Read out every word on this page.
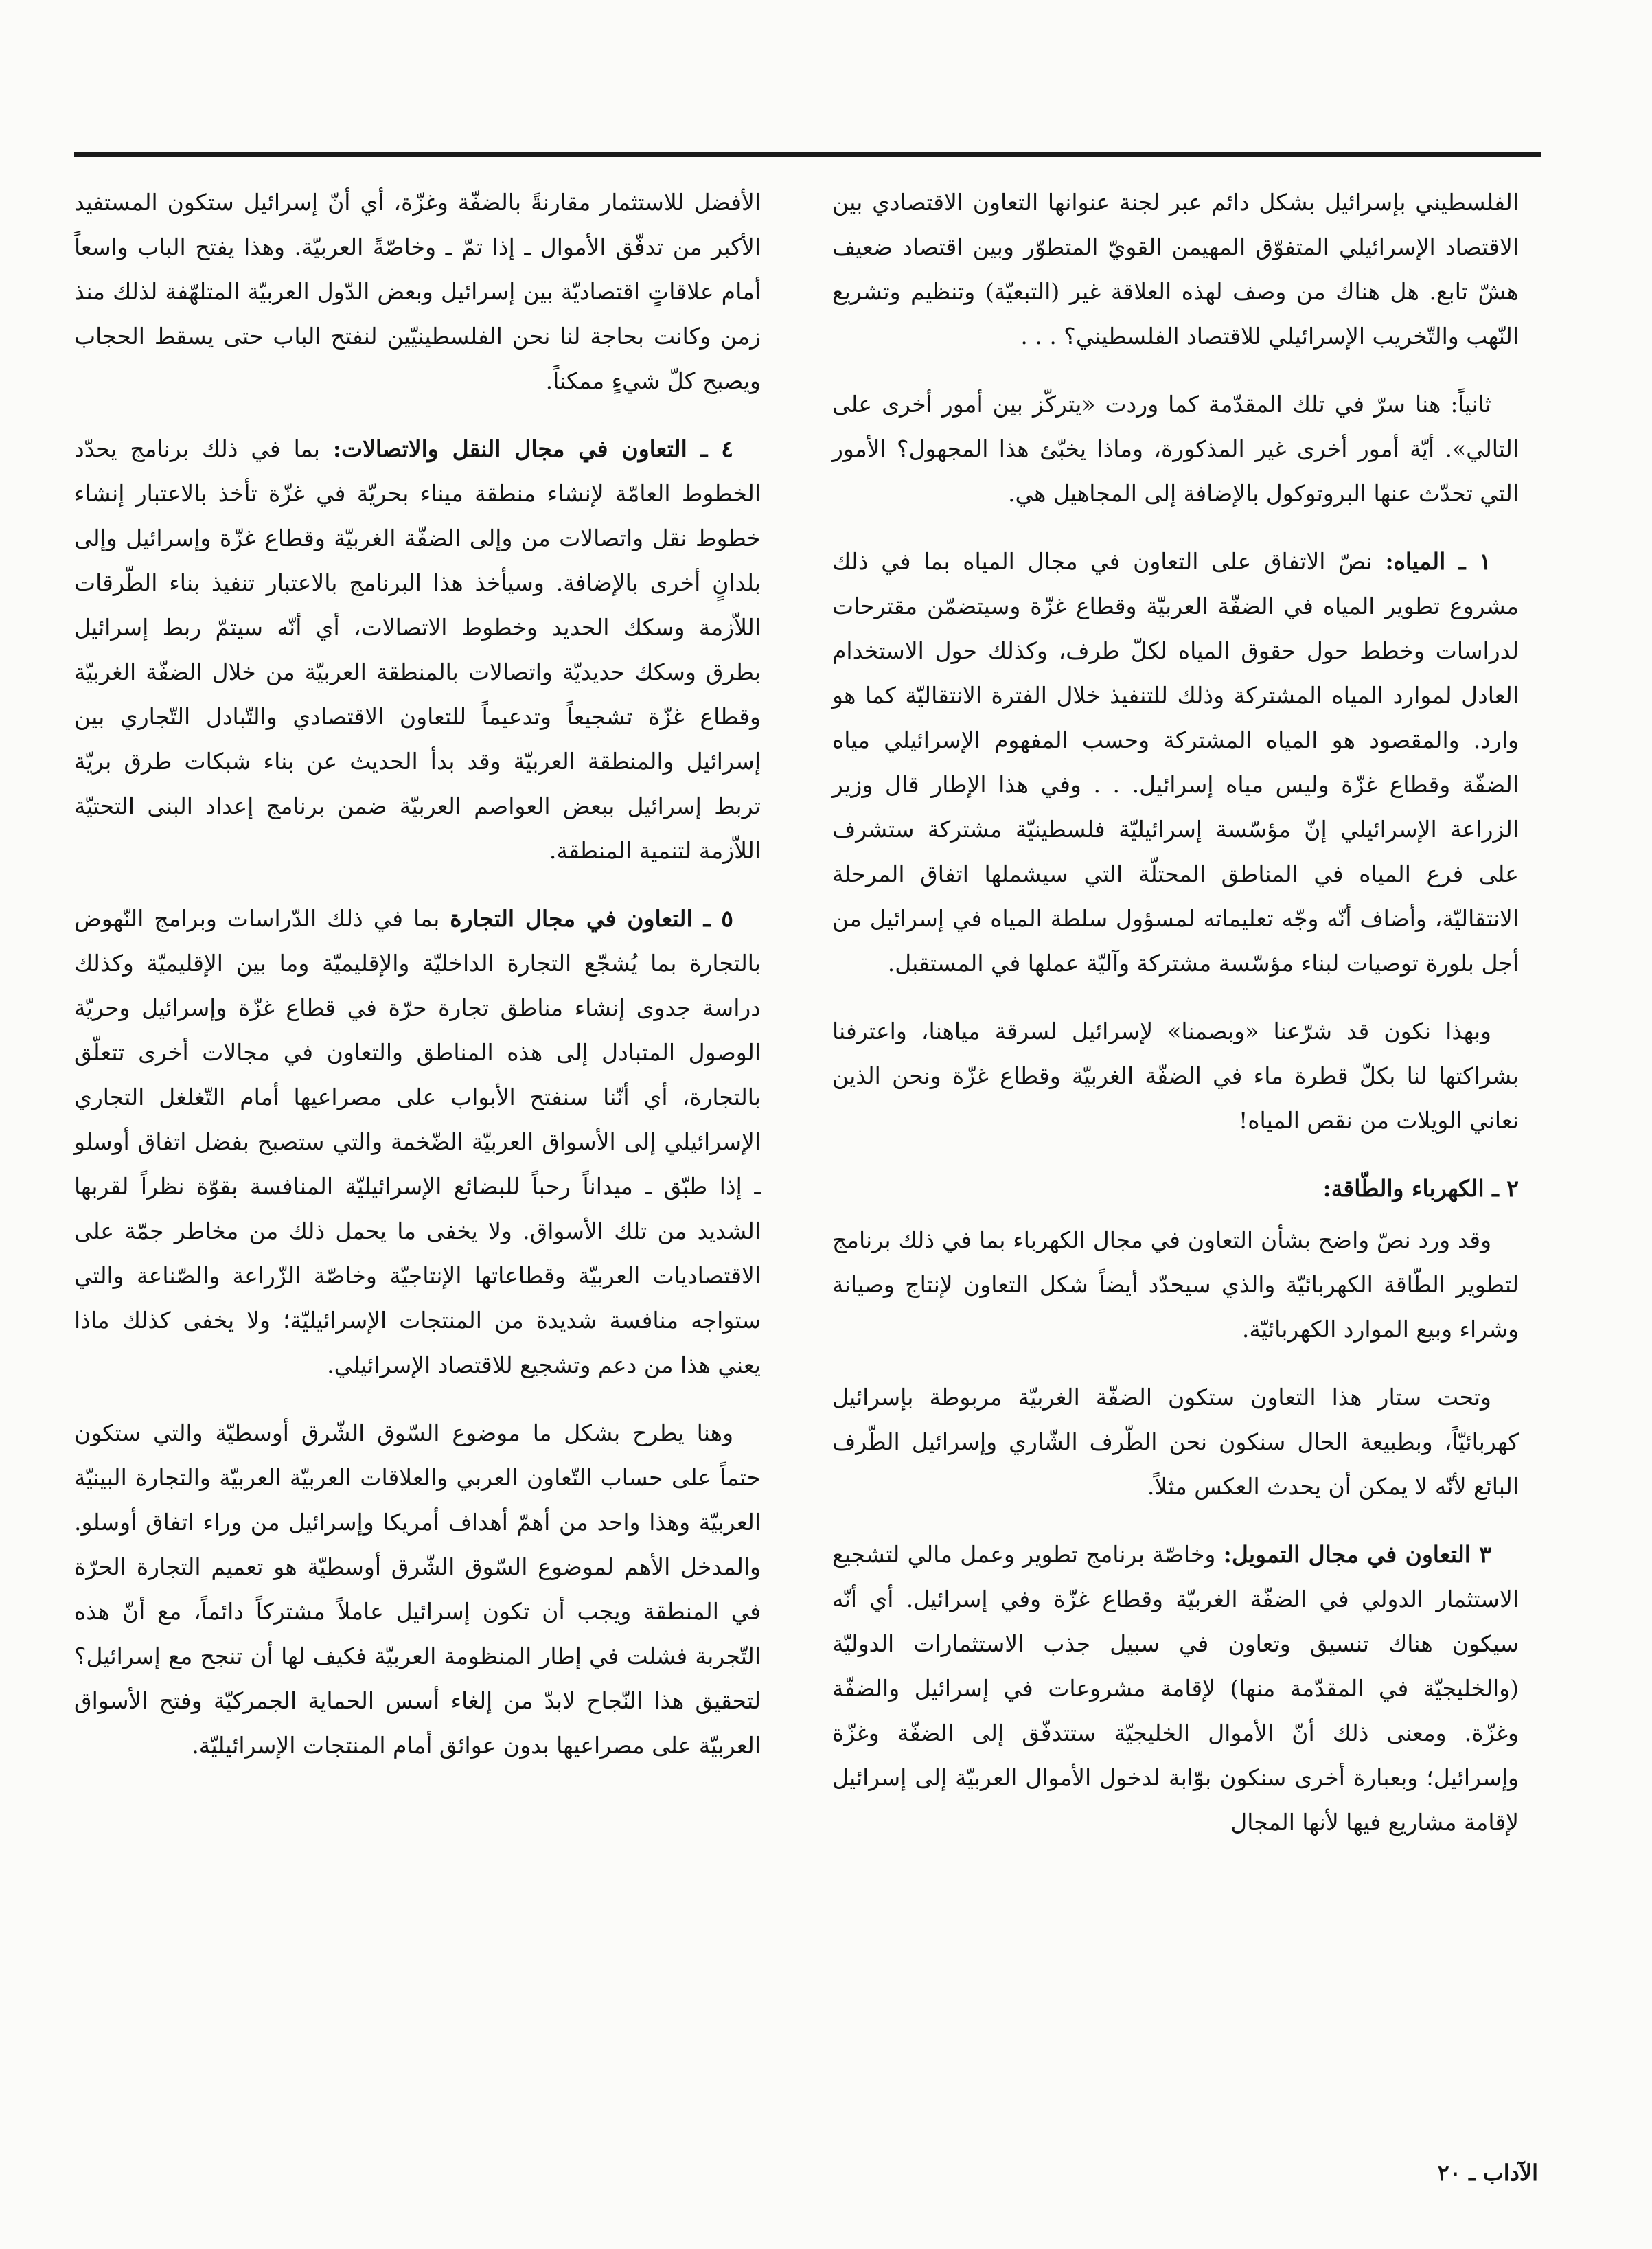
الفلسطيني بإسرائيل بشكل دائم عبر لجنة عنوانها التعاون الاقتصادي بين الاقتصاد الإسرائيلي المتفوّق المهيمن القويّ المتطوّر وبين اقتصاد ضعيف هشّ تابع. هل هناك من وصف لهذه العلاقة غير (التبعيّة) وتنظيم وتشريع النّهب والتّخريب الإسرائيلي للاقتصاد الفلسطيني؟ . . .

ثانياً: هنا سرّ في تلك المقدّمة كما وردت «يتركّز بين أمور أخرى على التالي». أيّة أمور أخرى غير المذكورة، وماذا يخبّئ هذا المجهول؟ الأمور التي تحدّث عنها البروتوكول بالإضافة إلى المجاهيل هي.

١ ـ المياه: نصّ الاتفاق على التعاون في مجال المياه بما في ذلك مشروع تطوير المياه في الضفّة العربيّة وقطاع غزّة وسيتضمّن مقترحات لدراسات وخطط حول حقوق المياه لكلّ طرف، وكذلك حول الاستخدام العادل لموارد المياه المشتركة وذلك للتنفيذ خلال الفترة الانتقاليّة كما هو وارد. والمقصود هو المياه المشتركة وحسب المفهوم الإسرائيلي مياه الضفّة وقطاع غزّة وليس مياه إسرائيل. . . وفي هذا الإطار قال وزير الزراعة الإسرائيلي إنّ مؤسّسة إسرائيليّة فلسطينيّة مشتركة ستشرف على فرع المياه في المناطق المحتلّة التي سيشملها اتفاق المرحلة الانتقاليّة، وأضاف أنّه وجّه تعليماته لمسؤول سلطة المياه في إسرائيل من أجل بلورة توصيات لبناء مؤسّسة مشتركة وآليّة عملها في المستقبل.

وبهذا نكون قد شرّعنا «وبصمنا» لإسرائيل لسرقة مياهنا، واعترفنا بشراكتها لنا بكلّ قطرة ماء في الضفّة الغربيّة وقطاع غزّة ونحن الذين نعاني الويلات من نقص المياه!

٢ ـ الكهرباء والطّاقة:

وقد ورد نصّ واضح بشأن التعاون في مجال الكهرباء بما في ذلك برنامج لتطوير الطّاقة الكهربائيّة والذي سيحدّد أيضاً شكل التعاون لإنتاج وصيانة وشراء وبيع الموارد الكهربائيّة.

وتحت ستار هذا التعاون ستكون الضفّة الغربيّة مربوطة بإسرائيل كهربائيّاً، وبطبيعة الحال سنكون نحن الطّرف الشّاري وإسرائيل الطّرف البائع لأنّه لا يمكن أن يحدث العكس مثلاً.

٣ التعاون في مجال التمويل: وخاصّة برنامج تطوير وعمل مالي لتشجيع الاستثمار الدولي في الضفّة الغربيّة وقطاع غزّة وفي إسرائيل. أي أنّه سيكون هناك تنسيق وتعاون في سبيل جذب الاستثمارات الدوليّة (والخليجيّة في المقدّمة منها) لإقامة مشروعات في إسرائيل والضفّة وغزّة. ومعنى ذلك أنّ الأموال الخليجيّة ستتدفّق إلى الضفّة وغزّة وإسرائيل؛ وبعبارة أخرى سنكون بوّابة لدخول الأموال العربيّة إلى إسرائيل لإقامة مشاريع فيها لأنها المجال

الأفضل للاستثمار مقارنةً بالضفّة وغزّة، أي أنّ إسرائيل ستكون المستفيد الأكبر من تدفّق الأموال ـ إذا تمّ ـ وخاصّةً العربيّة. وهذا يفتح الباب واسعاً أمام علاقاتٍ اقتصاديّة بين إسرائيل وبعض الدّول العربيّة المتلهّفة لذلك منذ زمن وكانت بحاجة لنا نحن الفلسطينيّين لنفتح الباب حتى يسقط الحجاب ويصبح كلّ شيءٍ ممكناً.

٤ ـ التعاون في مجال النقل والاتصالات: بما في ذلك برنامج يحدّد الخطوط العامّة لإنشاء منطقة ميناء بحريّة في غزّة تأخذ بالاعتبار إنشاء خطوط نقل واتصالات من وإلى الضفّة الغربيّة وقطاع غزّة وإسرائيل وإلى بلدانٍ أخرى بالإضافة. وسيأخذ هذا البرنامج بالاعتبار تنفيذ بناء الطّرقات اللاّزمة وسكك الحديد وخطوط الاتصالات، أي أنّه سيتمّ ربط إسرائيل بطرق وسكك حديديّة واتصالات بالمنطقة العربيّة من خلال الضفّة الغربيّة وقطاع غزّة تشجيعاً وتدعيماً للتعاون الاقتصادي والتّبادل التّجاري بين إسرائيل والمنطقة العربيّة وقد بدأ الحديث عن بناء شبكات طرق بريّة تربط إسرائيل ببعض العواصم العربيّة ضمن برنامج إعداد البنى التحتيّة اللاّزمة لتنمية المنطقة.

٥ ـ التعاون في مجال التجارة بما في ذلك الدّراسات وبرامج النّهوض بالتجارة بما يُشجّع التجارة الداخليّة والإقليميّة وما بين الإقليميّة وكذلك دراسة جدوى إنشاء مناطق تجارة حرّة في قطاع غزّة وإسرائيل وحريّة الوصول المتبادل إلى هذه المناطق والتعاون في مجالات أخرى تتعلّق بالتجارة، أي أنّنا سنفتح الأبواب على مصراعيها أمام التّغلغل التجاري الإسرائيلي إلى الأسواق العربيّة الضّخمة والتي ستصبح بفضل اتفاق أوسلو ـ إذا طبّق ـ ميداناً رحباً للبضائع الإسرائيليّة المنافسة بقوّة نظراً لقربها الشديد من تلك الأسواق. ولا يخفى ما يحمل ذلك من مخاطر جمّة على الاقتصاديات العربيّة وقطاعاتها الإنتاجيّة وخاصّة الزّراعة والصّناعة والتي ستواجه منافسة شديدة من المنتجات الإسرائيليّة؛ ولا يخفى كذلك ماذا يعني هذا من دعم وتشجيع للاقتصاد الإسرائيلي.

وهنا يطرح بشكل ما موضوع السّوق الشّرق أوسطيّة والتي ستكون حتماً على حساب التّعاون العربي والعلاقات العربيّة العربيّة والتجارة البينيّة العربيّة وهذا واحد من أهمّ أهداف أمريكا وإسرائيل من وراء اتفاق أوسلو. والمدخل الأهم لموضوع السّوق الشّرق أوسطيّة هو تعميم التجارة الحرّة في المنطقة ويجب أن تكون إسرائيل عاملاً مشتركاً دائماً، مع أنّ هذه التّجربة فشلت في إطار المنظومة العربيّة فكيف لها أن تنجح مع إسرائيل؟ لتحقيق هذا النّجاح لابدّ من إلغاء أسس الحماية الجمركيّة وفتح الأسواق العربيّة على مصراعيها بدون عوائق أمام المنتجات الإسرائيليّة.

الآداب ـ ٢٠
